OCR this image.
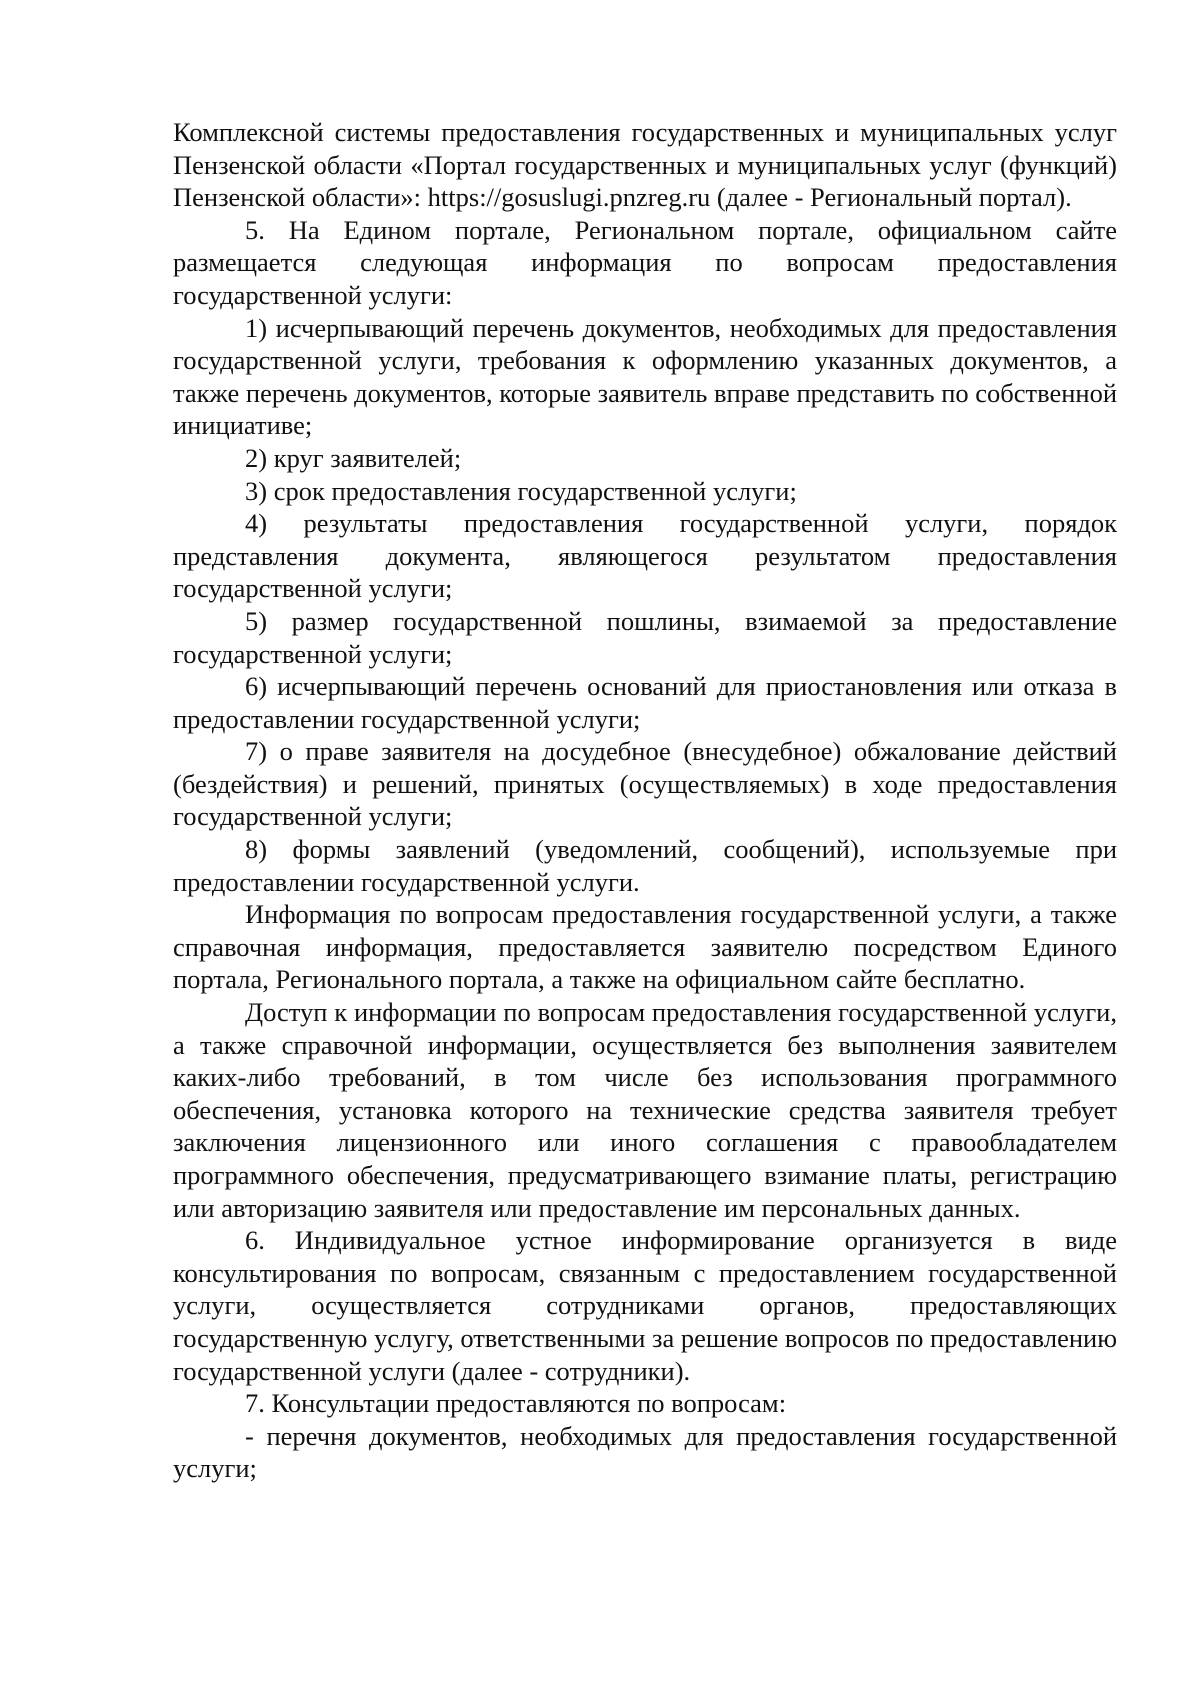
Комплексной системы предоставления государственных и муниципальных услуг Пензенской области «Портал государственных и муниципальных услуг (функций) Пензенской области»: https://gosuslugi.pnzreg.ru (далее - Региональный портал).

5. На Едином портале, Региональном портале, официальном сайте размещается следующая информация по вопросам предоставления государственной услуги:

1) исчерпывающий перечень документов, необходимых для предоставления государственной услуги, требования к оформлению указанных документов, а также перечень документов, которые заявитель вправе представить по собственной инициативе;

2) круг заявителей;

3) срок предоставления государственной услуги;

4) результаты предоставления государственной услуги, порядок представления документа, являющегося результатом предоставления государственной услуги;

5) размер государственной пошлины, взимаемой за предоставление государственной услуги;

6) исчерпывающий перечень оснований для приостановления или отказа в предоставлении государственной услуги;

7) о праве заявителя на досудебное (внесудебное) обжалование действий (бездействия) и решений, принятых (осуществляемых) в ходе предоставления государственной услуги;

8) формы заявлений (уведомлений, сообщений), используемые при предоставлении государственной услуги.

Информация по вопросам предоставления государственной услуги, а также справочная информация, предоставляется заявителю посредством Единого портала, Регионального портала, а также на официальном сайте бесплатно.

Доступ к информации по вопросам предоставления государственной услуги, а также справочной информации, осуществляется без выполнения заявителем каких-либо требований, в том числе без использования программного обеспечения, установка которого на технические средства заявителя требует заключения лицензионного или иного соглашения с правообладателем программного обеспечения, предусматривающего взимание платы, регистрацию или авторизацию заявителя или предоставление им персональных данных.

6. Индивидуальное устное информирование организуется в виде консультирования по вопросам, связанным с предоставлением государственной услуги, осуществляется сотрудниками органов, предоставляющих государственную услугу, ответственными за решение вопросов по предоставлению государственной услуги (далее - сотрудники).

7. Консультации предоставляются по вопросам:

- перечня документов, необходимых для предоставления государственной услуги;
